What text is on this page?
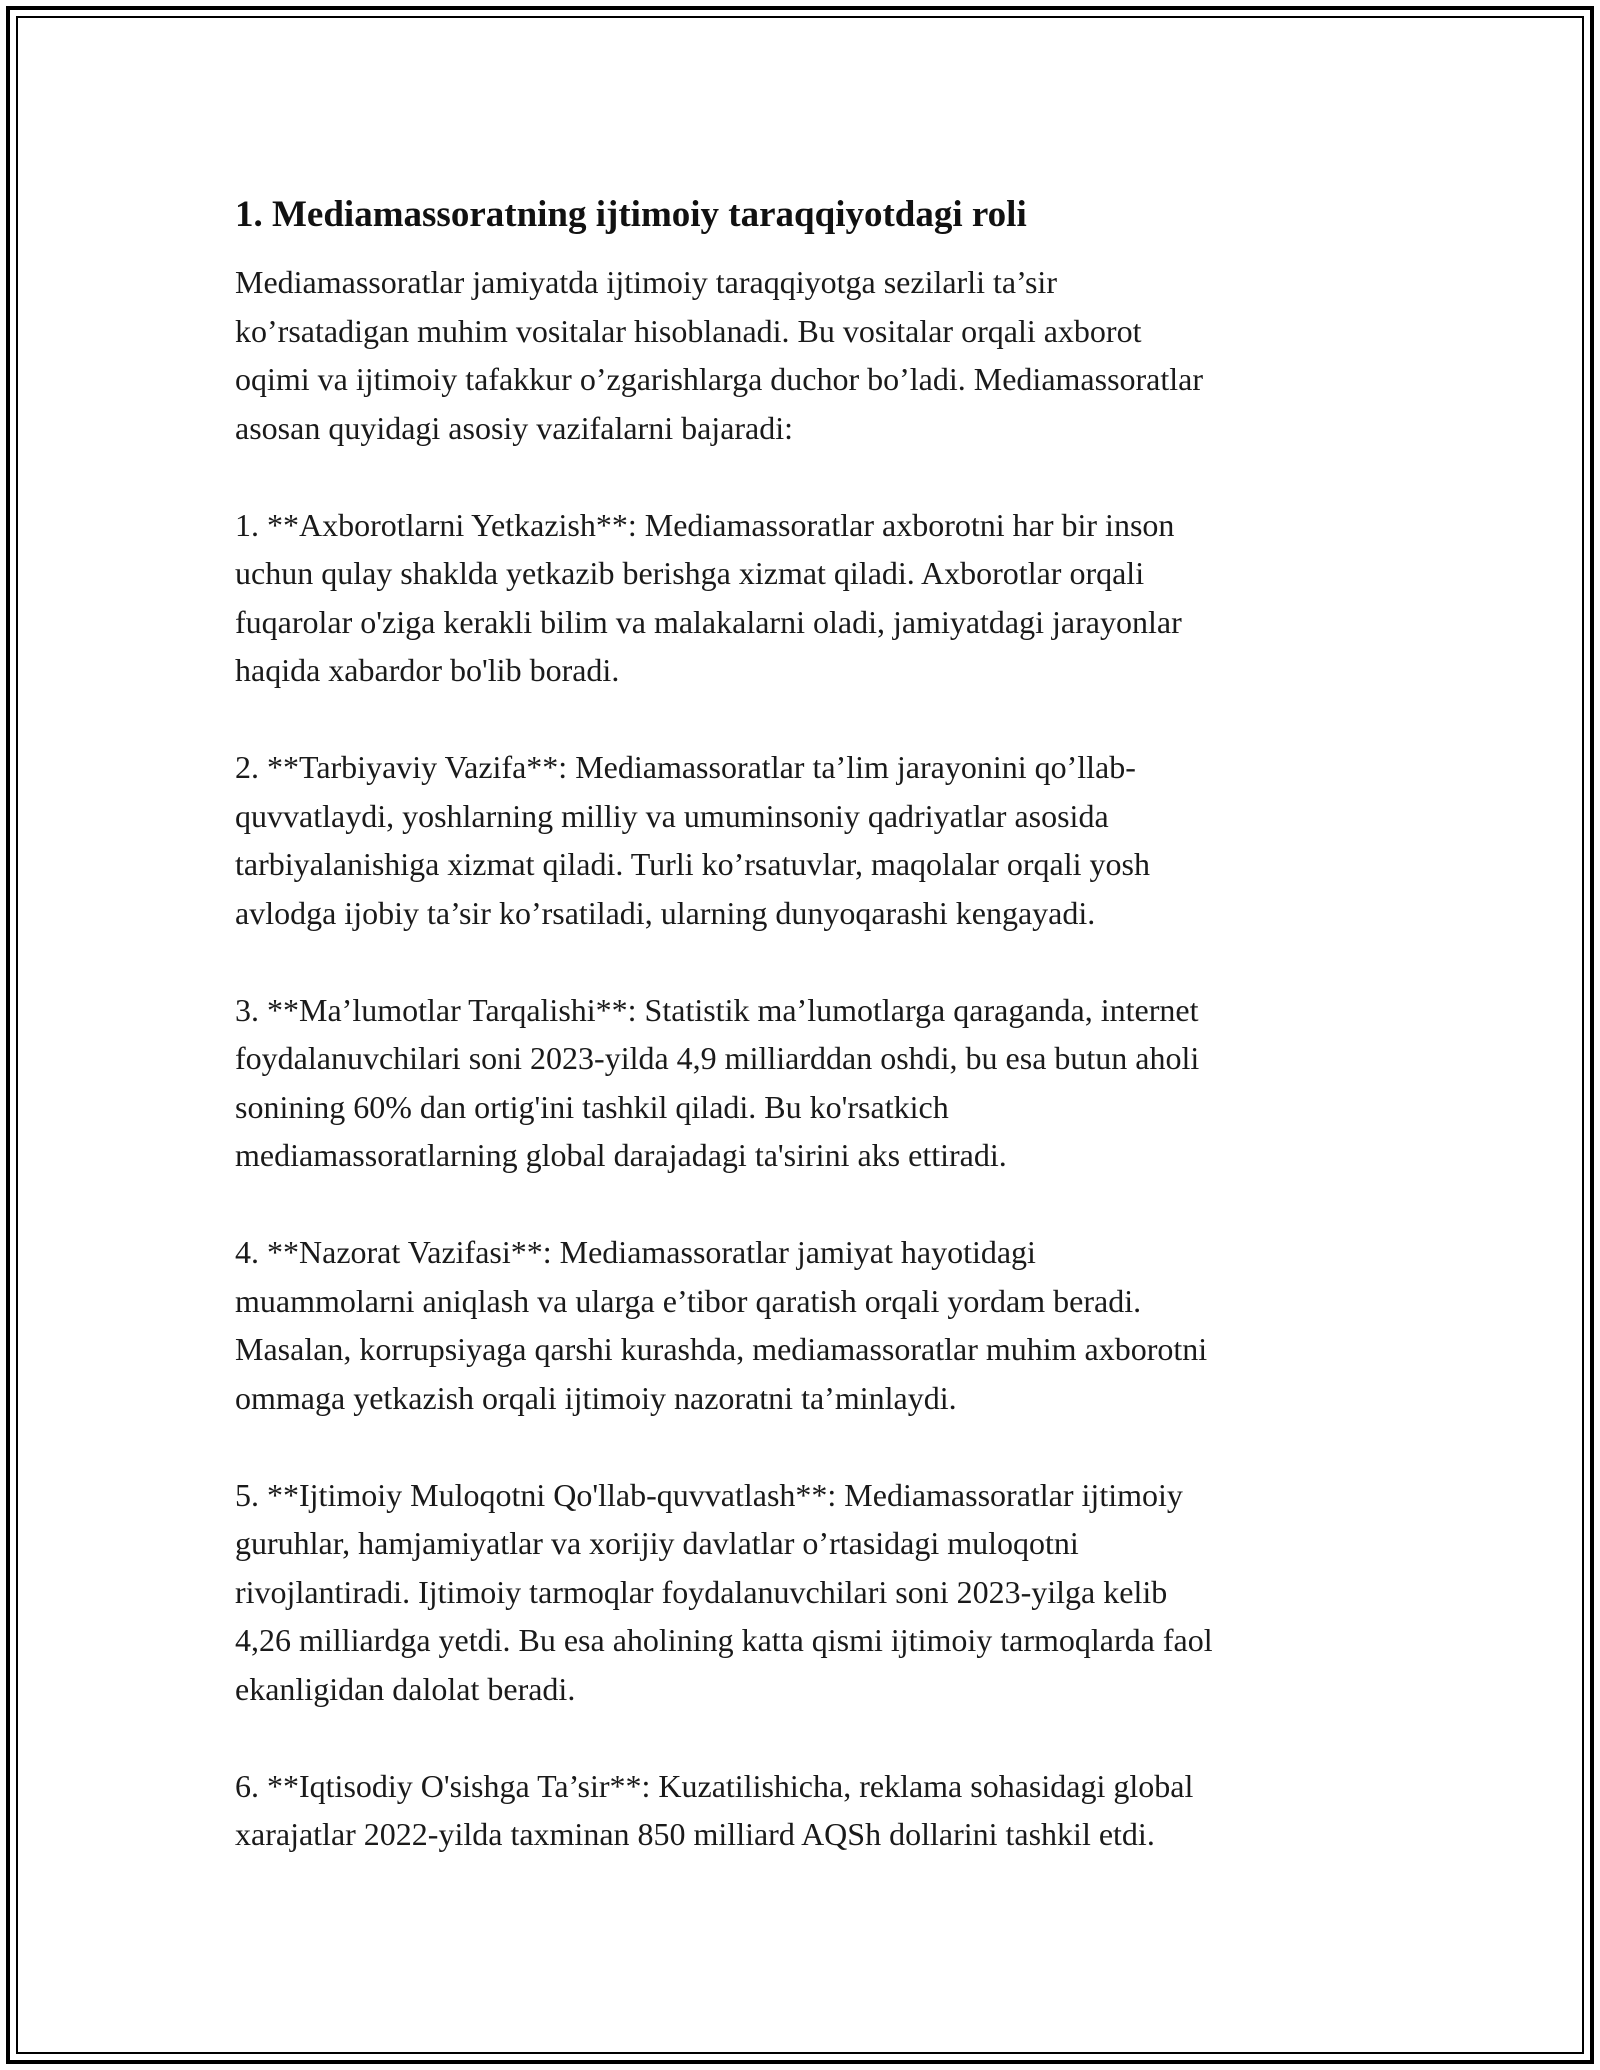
1. Mediamassoratning ijtimoiy taraqqiyotdagi roli

Mediamassoratlar jamiyatda ijtimoiy taraqqiyotga sezilarli ta’sir
ko’rsatadigan muhim vositalar hisoblanadi. Bu vositalar orqali axborot
oqimi va ijtimoiy tafakkur o’zgarishlarga duchor bo’ladi. Mediamassoratlar
asosan quyidagi asosiy vazifalarni bajaradi:

1. **Axborotlarni Yetkazish**: Mediamassoratlar axborotni har bir inson
uchun qulay shaklda yetkazib berishga xizmat qiladi. Axborotlar orqali
fuqarolar o'ziga kerakli bilim va malakalarni oladi, jamiyatdagi jarayonlar
haqida xabardor bo'lib boradi.

2. **Tarbiyaviy Vazifa**: Mediamassoratlar ta’lim jarayonini qo’llab-
quvvatlaydi, yoshlarning milliy va umuminsoniy qadriyatlar asosida
tarbiyalanishiga xizmat qiladi. Turli ko’rsatuvlar, maqolalar orqali yosh
avlodga ijobiy ta’sir ko’rsatiladi, ularning dunyoqarashi kengayadi.

3. **Ma’lumotlar Tarqalishi**: Statistik ma’lumotlarga qaraganda, internet
foydalanuvchilari soni 2023-yilda 4,9 milliarddan oshdi, bu esa butun aholi
sonining 60% dan ortig'ini tashkil qiladi. Bu ko'rsatkich
mediamassoratlarning global darajadagi ta'sirini aks ettiradi.

4. **Nazorat Vazifasi**: Mediamassoratlar jamiyat hayotidagi
muammolarni aniqlash va ularga e’tibor qaratish orqali yordam beradi.
Masalan, korrupsiyaga qarshi kurashda, mediamassoratlar muhim axborotni
ommaga yetkazish orqali ijtimoiy nazoratni ta’minlaydi.

5. **Ijtimoiy Muloqotni Qo'llab-quvvatlash**: Mediamassoratlar ijtimoiy
guruhlar, hamjamiyatlar va xorijiy davlatlar o’rtasidagi muloqotni
rivojlantiradi. Ijtimoiy tarmoqlar foydalanuvchilari soni 2023-yilga kelib
4,26 milliardga yetdi. Bu esa aholining katta qismi ijtimoiy tarmoqlarda faol
ekanligidan dalolat beradi.

6. **Iqtisodiy O'sishga Ta’sir**: Kuzatilishicha, reklama sohasidagi global
xarajatlar 2022-yilda taxminan 850 milliard AQSh dollarini tashkil etdi.
